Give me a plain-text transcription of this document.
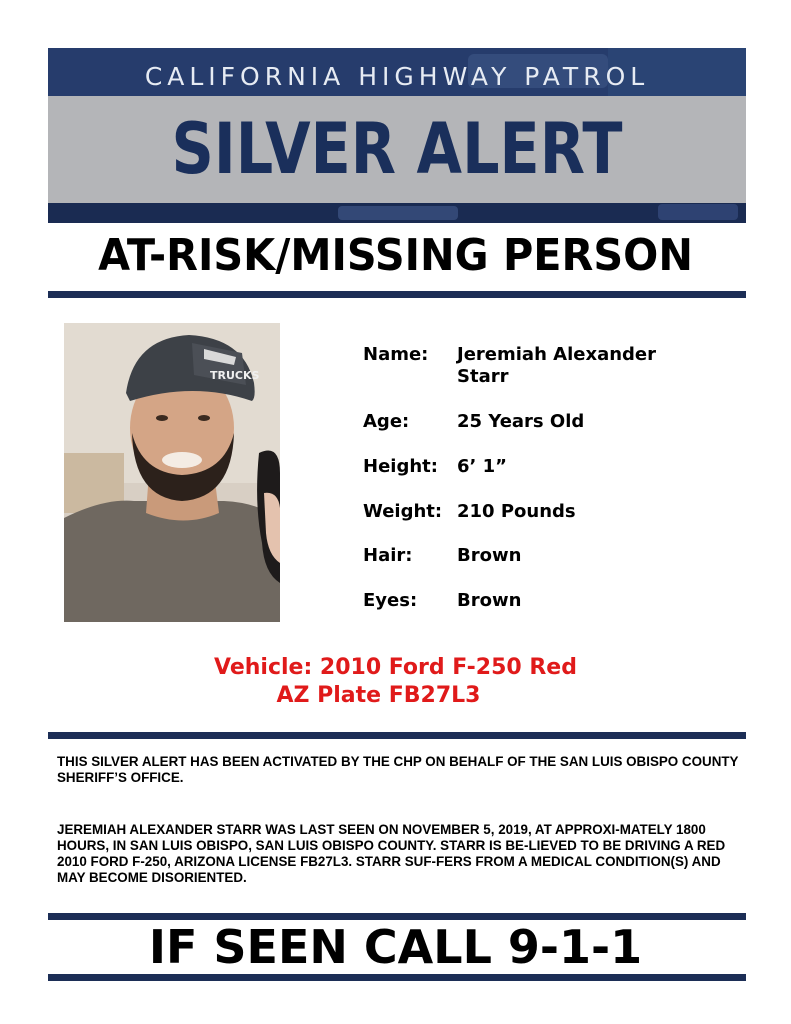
CALIFORNIA HIGHWAY PATROL
SILVER ALERT
AT-RISK/MISSING PERSON
TRUCKS
Name: Jeremiah Alexander Starr
Age:	25 Years Old
Height: 6’ 1”
Weight: 210 Pounds
Hair: Brown
Eyes: Brown
Vehicle: 2010 Ford F-250 Red
AZ Plate FB27L3
THIS SILVER ALERT HAS BEEN ACTIVATED BY THE CHP ON BEHALF OF THE SAN LUIS OBISPO COUNTY SHERIFF’S OFFICE.
JEREMIAH ALEXANDER STARR WAS LAST SEEN ON NOVEMBER 5, 2019, AT APPROXI-MATELY 1800 HOURS, IN SAN LUIS OBISPO, SAN LUIS OBISPO COUNTY. STARR IS BE-LIEVED TO BE DRIVING A RED 2010 FORD F-250, ARIZONA LICENSE FB27L3. STARR SUF-FERS FROM A MEDICAL CONDITION(S) AND MAY BECOME DISORIENTED.
IF SEEN CALL 9-1-1
